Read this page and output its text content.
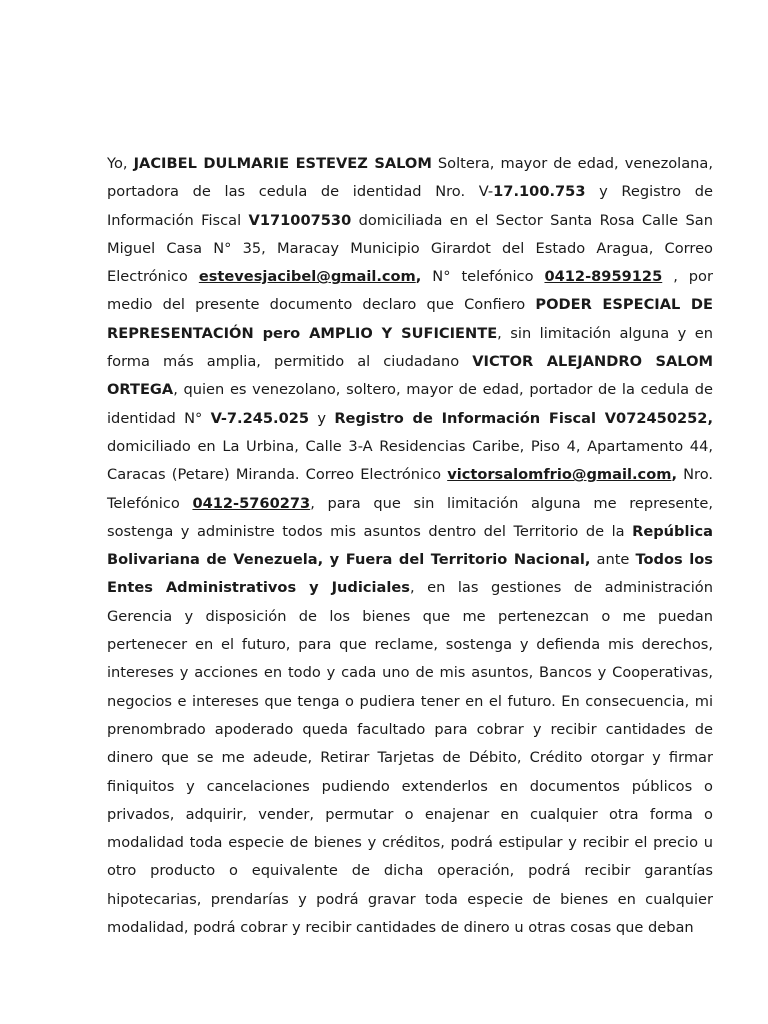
Yo, JACIBEL DULMARIE ESTEVEZ SALOM Soltera, mayor de edad, venezolana, portadora de las cedula de identidad Nro. V-17.100.753 y Registro de Información Fiscal V171007530 domiciliada en el Sector Santa Rosa Calle San Miguel Casa N° 35, Maracay Municipio Girardot del Estado Aragua, Correo Electrónico estevesjacibel@gmail.com, N° telefónico 0412-8959125 , por medio del presente documento declaro que Confiero PODER ESPECIAL DE REPRESENTACIÓN pero AMPLIO Y SUFICIENTE, sin limitación alguna y en forma más amplia, permitido al ciudadano VICTOR ALEJANDRO SALOM ORTEGA, quien es venezolano, soltero, mayor de edad, portador de la cedula de identidad N° V-7.245.025 y Registro de Información Fiscal V072450252, domiciliado en La Urbina, Calle 3-A Residencias Caribe, Piso 4, Apartamento 44, Caracas (Petare) Miranda. Correo Electrónico victorsalomfrio@gmail.com, Nro. Telefónico 0412-5760273, para que sin limitación alguna me represente, sostenga y administre todos mis asuntos dentro del Territorio de la República Bolivariana de Venezuela, y Fuera del Territorio Nacional, ante Todos los Entes Administrativos y Judiciales, en las gestiones de administración Gerencia y disposición de los bienes que me pertenezcan o me puedan pertenecer en el futuro, para que reclame, sostenga y defienda mis derechos, intereses y acciones en todo y cada uno de mis asuntos, Bancos y Cooperativas, negocios e intereses que tenga o pudiera tener en el futuro. En consecuencia, mi prenombrado apoderado queda facultado para cobrar y recibir cantidades de dinero que se me adeude, Retirar Tarjetas de Débito, Crédito otorgar y firmar finiquitos y cancelaciones pudiendo extenderlos en documentos públicos o privados, adquirir, vender, permutar o enajenar en cualquier otra forma o modalidad toda especie de bienes y créditos, podrá estipular y recibir el precio u otro producto o equivalente de dicha operación, podrá recibir garantías hipotecarias, prendarías y podrá gravar toda especie de bienes en cualquier modalidad, podrá cobrar y recibir cantidades de dinero u otras cosas que deban
